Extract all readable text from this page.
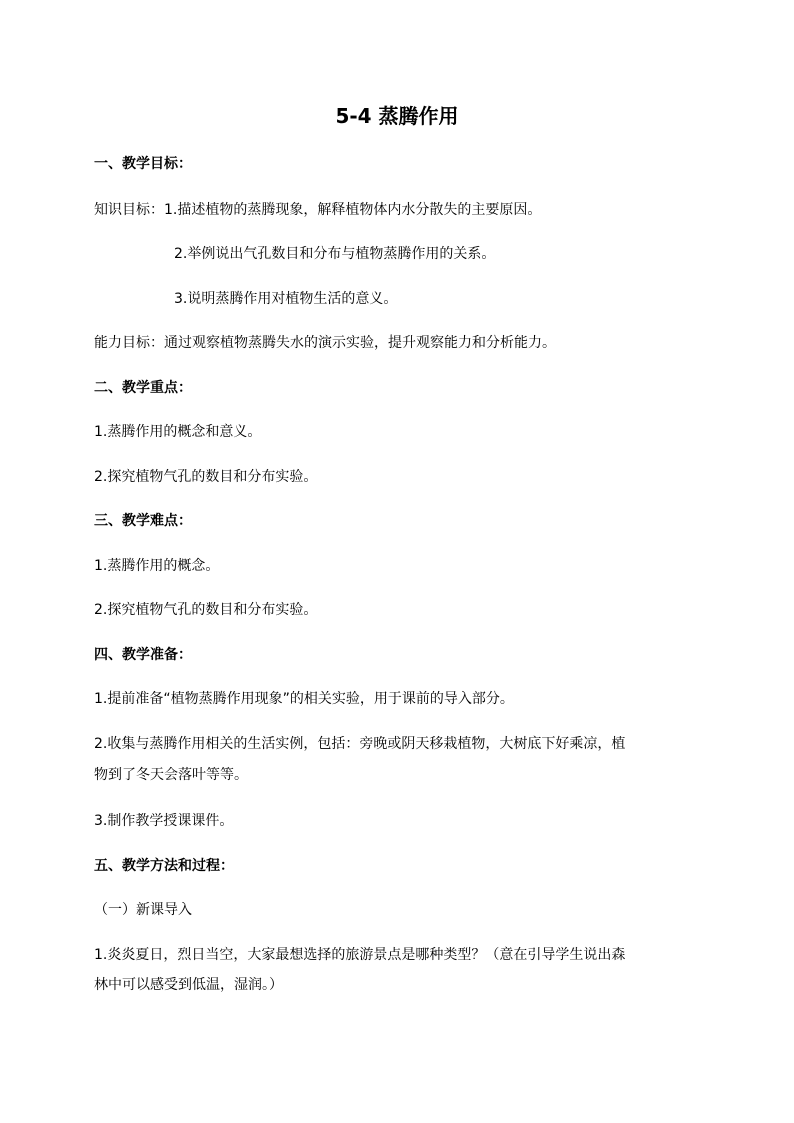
5-4 蒸腾作用
一、教学目标：
知识目标：1.描述植物的蒸腾现象，解释植物体内水分散失的主要原因。
2.举例说出气孔数目和分布与植物蒸腾作用的关系。
3.说明蒸腾作用对植物生活的意义。
能力目标：通过观察植物蒸腾失水的演示实验，提升观察能力和分析能力。
二、教学重点：
1.蒸腾作用的概念和意义。
2.探究植物气孔的数目和分布实验。
三、教学难点：
1.蒸腾作用的概念。
2.探究植物气孔的数目和分布实验。
四、教学准备：
1.提前准备“植物蒸腾作用现象”的相关实验，用于课前的导入部分。
2.收集与蒸腾作用相关的生活实例，包括：旁晚或阴天移栽植物，大树底下好乘凉，植
物到了冬天会落叶等等。
3.制作教学授课课件。
五、教学方法和过程：
（一）新课导入
1.炎炎夏日，烈日当空，大家最想选择的旅游景点是哪种类型？（意在引导学生说出森
林中可以感受到低温，湿润。）
